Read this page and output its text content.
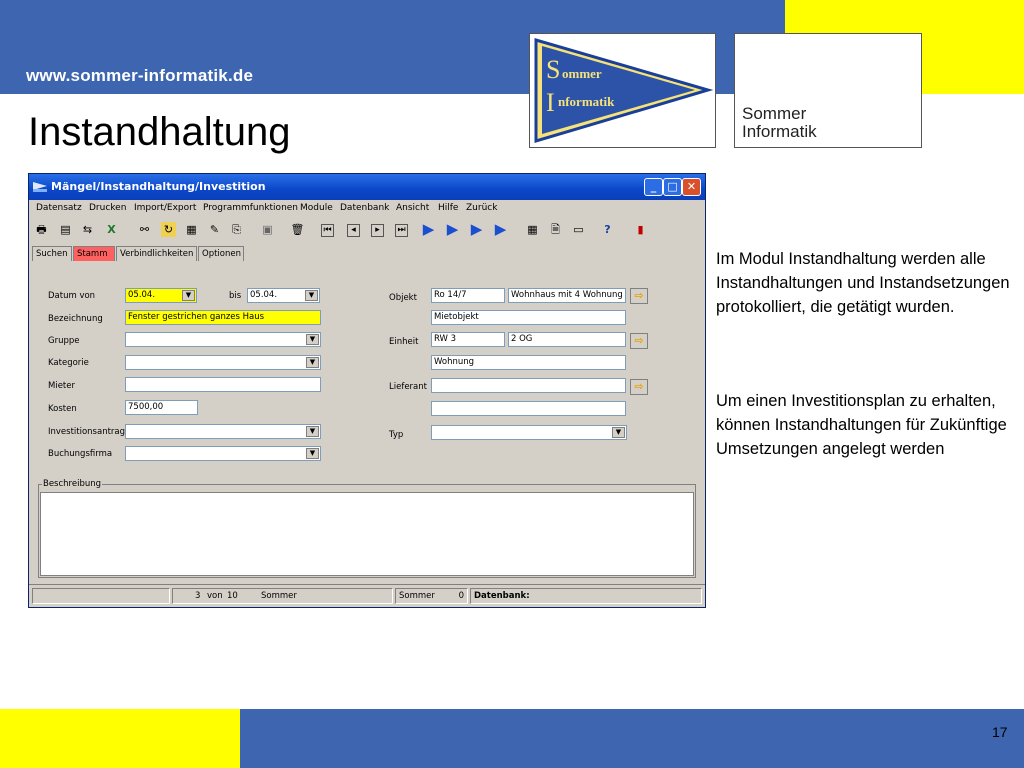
www.sommer-informatik.de
Instandhaltung
S ommer
I nformatik
Sommer
Informatik
Im Modul Instandhaltung werden alle Instandhaltungen und Instandsetzungen protokolliert, die getätigt wurden.
Um einen Investitionsplan zu erhalten, können Instandhaltungen für Zukünftige Umsetzungen angelegt werden
17
Mängel/Instandhaltung/Investition	_	□ ✕
Datensatz Drucken Import/Export Programmfunktionen Module Datenbank Ansicht Hilfe Zurück
🖶 ▤ ⇆ X ⚯ ↻ ▦ ✎ ⎘ ▣ 🗑 ⏮	◂	▸	⏭ ▶ ▶ ▶ ▶ ▦ 🗎 ▭	?	▮
Suchen	Stamm	Verbindlichkeiten	Optionen
Datum von	05.04.	▼	bis	05.04.	▼
Bezeichnung	Fenster gestrichen ganzes Haus
Gruppe	▼
Kategorie	▼
Mieter
Kosten	7500,00
Investitionsantrag	▼
Buchungsfirma	▼
Objekt	Ro 14/7	Wohnhaus mit 4 Wohnung	⇨
Mietobjekt
Einheit	RW 3	2 OG	⇨
Wohnung
Lieferant	⇨
Typ	▼
Beschreibung
3 von 10	Sommer	Sommer	0	Datenbank:
